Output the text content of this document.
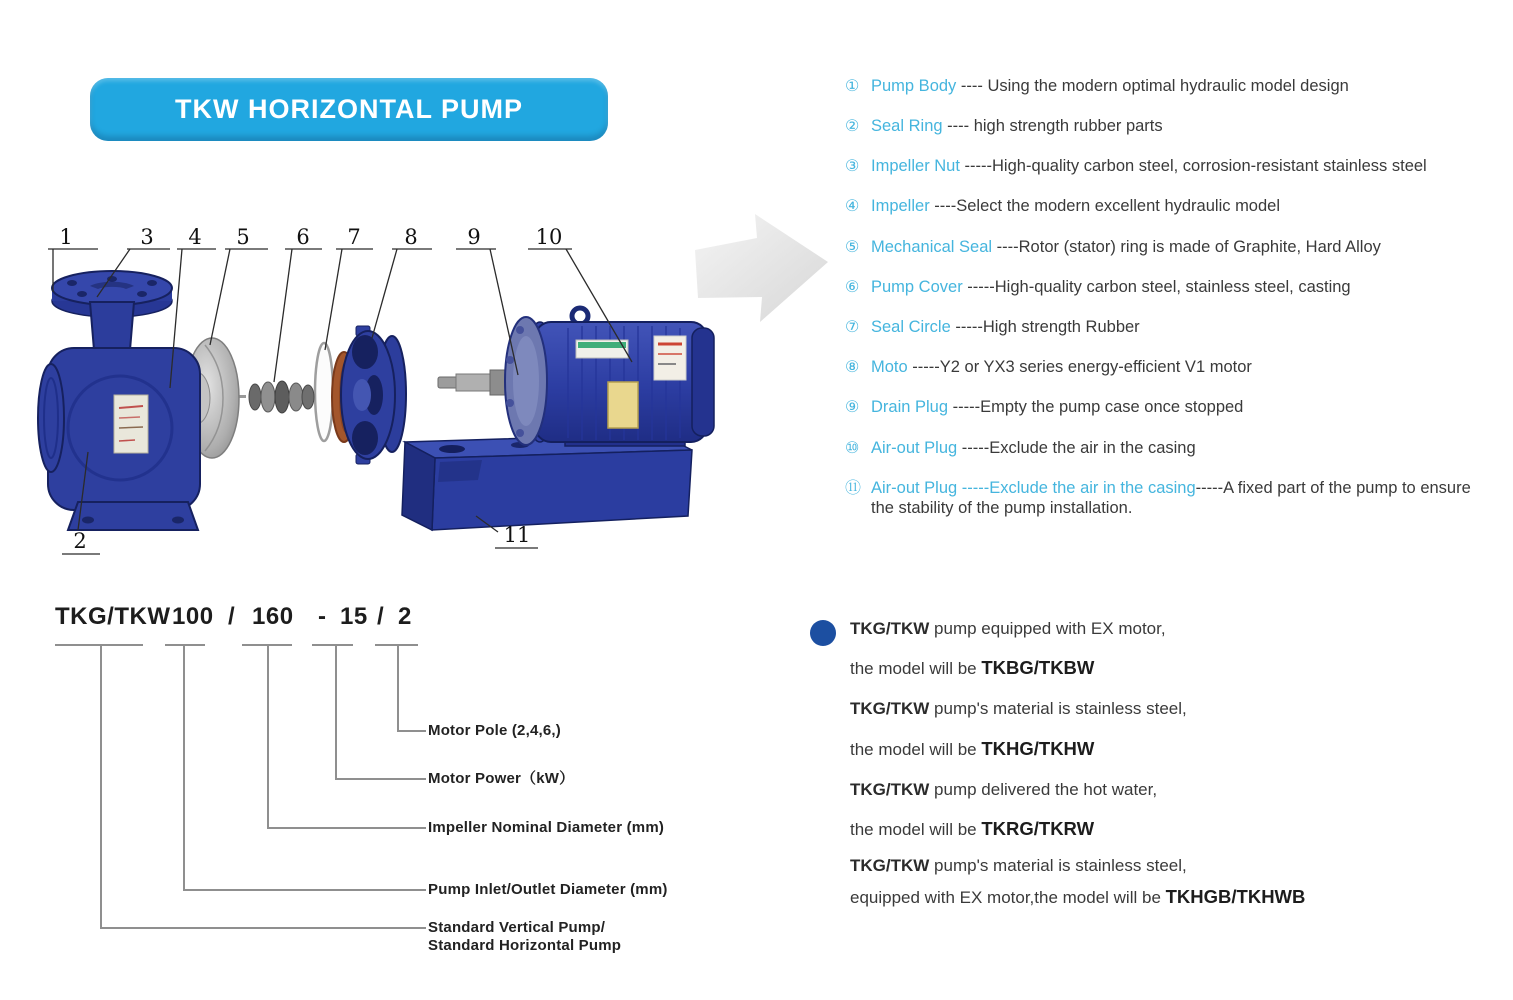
TKW HORIZONTAL PUMP
1	3 4 5 6 7 8 9	10
2	11
① Pump Body ---- Using the modern optimal hydraulic model design
② Seal Ring ---- high strength rubber parts
③ Impeller Nut -----High-quality carbon steel, corrosion-resistant stainless steel
④ Impeller ----Select the modern excellent hydraulic model
⑤ Mechanical Seal ----Rotor (stator) ring is made of Graphite, Hard Alloy
⑥ Pump Cover -----High-quality carbon steel, stainless steel, casting
⑦ Seal Circle -----High strength Rubber
⑧ Moto -----Y2 or YX3 series energy-efficient V1 motor
⑨ Drain Plug -----Empty the pump case once stopped
⑩ Air-out Plug -----Exclude the air in the casing
⑪ Air-out Plug -----Exclude the air in the casing-----A fixed part of the pump to ensure the stability of the pump installation.
TKG/TKW 100 / 160 - 15 / 2
Motor Pole (2,4,6,)
Motor Power（kW）
Impeller Nominal Diameter (mm)
Pump Inlet/Outlet Diameter (mm)
Standard Vertical Pump/
Standard Horizontal Pump
TKG/TKW pump equipped with EX motor,
the model will be TKBG/TKBW
TKG/TKW pump's material is stainless steel,
the model will be TKHG/TKHW
TKG/TKW pump delivered the hot water,
the model will be TKRG/TKRW
TKG/TKW pump's material is stainless steel,
equipped with EX motor,the model will be TKHGB/TKHWB
